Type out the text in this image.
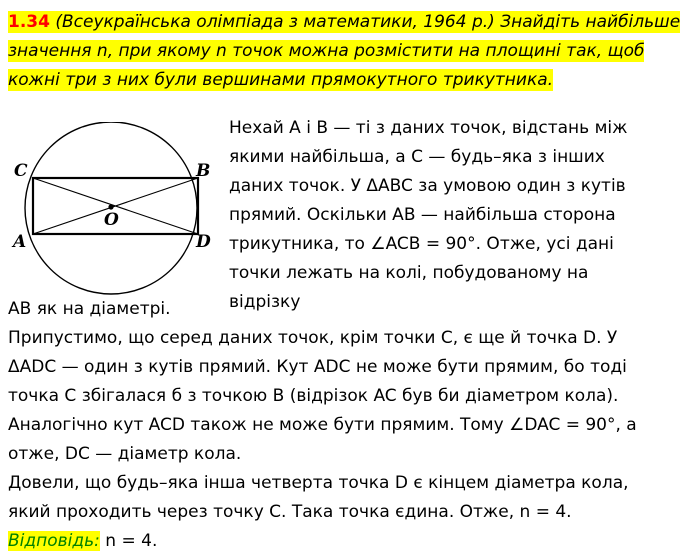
1.34 (Всеукраїнська олімпіада з математики, 1964 р.) Знайдіть найбільше значення n, при якому n точок можна розмістити на площині так, щоб кожні три з них були вершинами прямокутного трикутника.

C	B
A	D
O
Нехай A і B — ті з даних точок, відстань між
якими найбільша, а C — будь–яка з інших
даних точок. У ΔABC за умовою один з кутів
прямий. Оскільки AB — найбільша сторона
трикутника, то ∠ACB = 90°. Отже, усі дані
точки лежать на колі, побудованому на
відрізку
AB як на діаметрі.
Припустимо, що серед даних точок, крім точки C, є ще й точка D. У
ΔADC — один з кутів прямий. Кут ADC не може бути прямим, бо тоді
точка C збігалася б з точкою B (відрізок AC був би діаметром кола).
Аналогічно кут ACD також не може бути прямим. Тому ∠DAC = 90°, а
отже, DC — діаметр кола.
Довели, що будь–яка інша четверта точка D є кінцем діаметра кола,
який проходить через точку C. Така точка єдина. Отже, n = 4.
Відповідь: n = 4.
